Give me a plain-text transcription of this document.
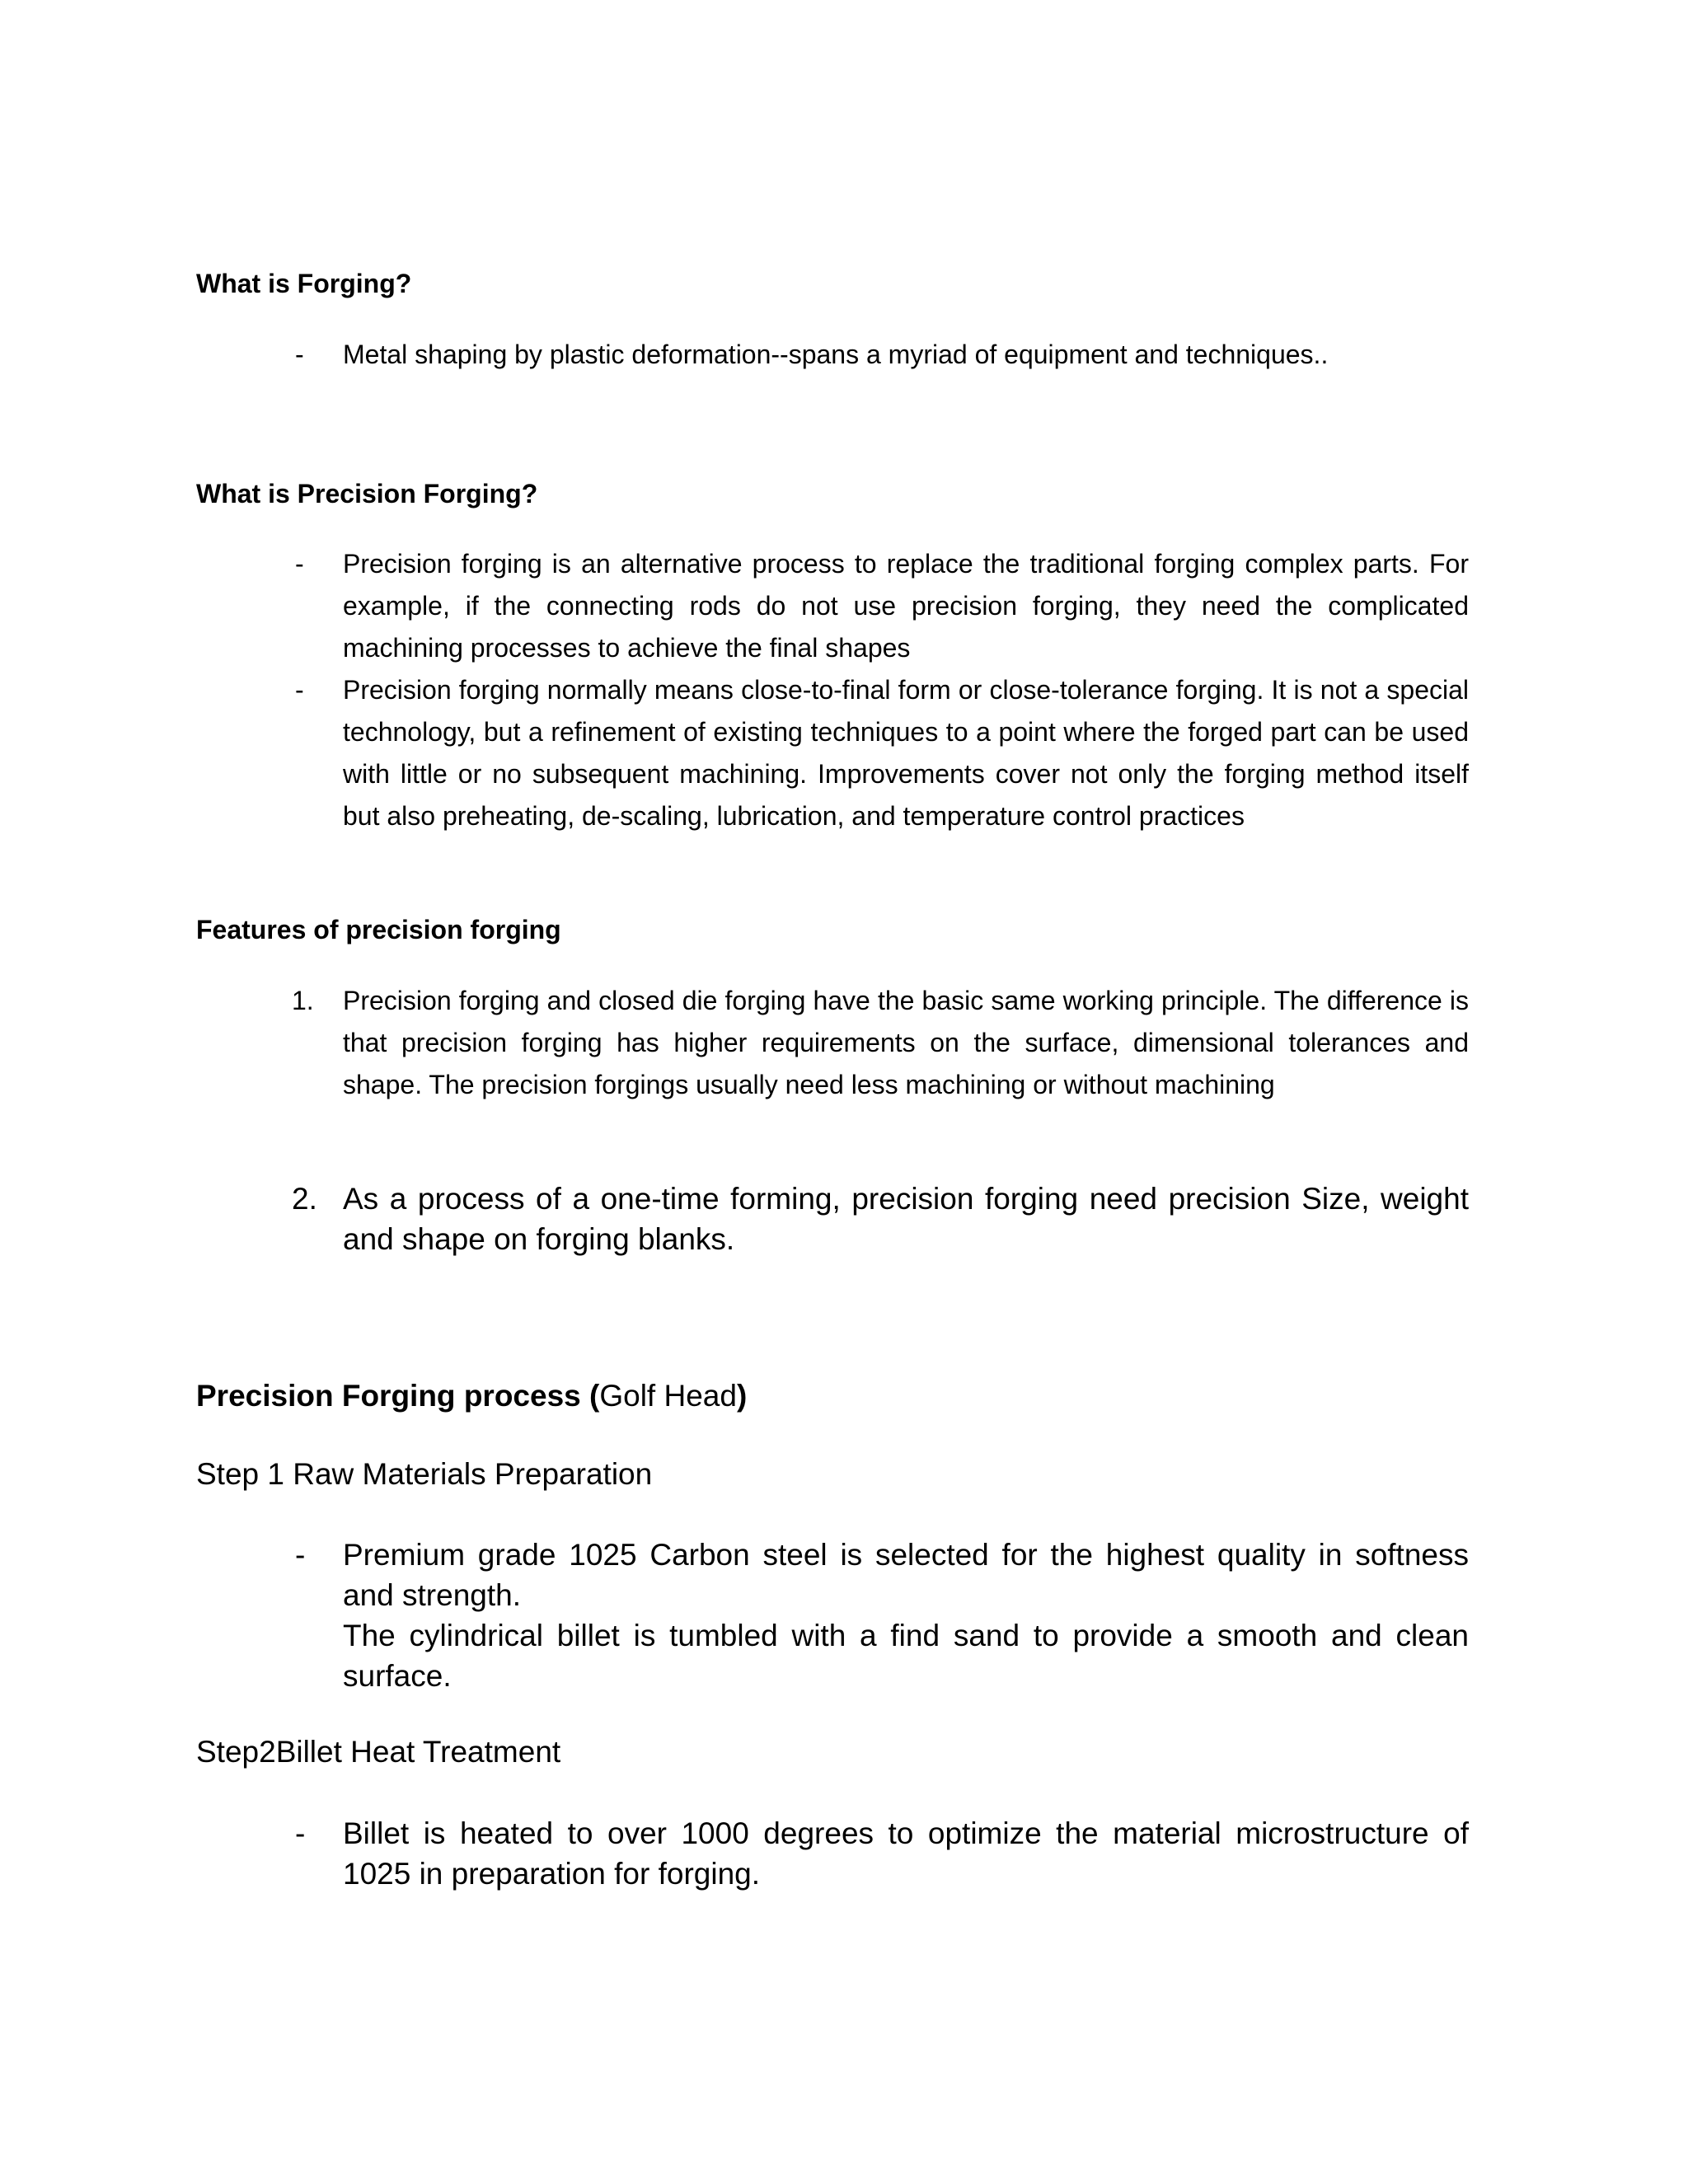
What is Forging?
-	Metal shaping by plastic deformation--spans a myriad of equipment and techniques..
What is Precision Forging?
-	Precision forging is an alternative process to replace the traditional forging complex parts. For example, if the connecting rods do not use precision forging, they need the complicated machining processes to achieve the final shapes
-	Precision forging normally means close-to-final form or close-tolerance forging. It is not a special technology, but a refinement of existing techniques to a point where the forged part can be used with little or no subsequent machining. Improvements cover not only the forging method itself but also preheating, de-scaling, lubrication, and temperature control practices
Features of precision forging
1.	Precision forging and closed die forging have the basic same working principle. The difference is that precision forging has higher requirements on the surface, dimensional tolerances and shape. The precision forgings usually need less machining or without machining
2. As a process of a one-time forming, precision forging need precision Size, weight and shape on forging blanks.
Precision Forging process (Golf Head)
Step 1 Raw Materials Preparation
-	Premium grade 1025 Carbon steel is selected for the highest quality in softness and strength.
The cylindrical billet is tumbled with a find sand to provide a smooth and clean surface.
Step2Billet Heat Treatment
-	Billet is heated to over 1000 degrees to optimize the material microstructure of 1025 in preparation for forging.
